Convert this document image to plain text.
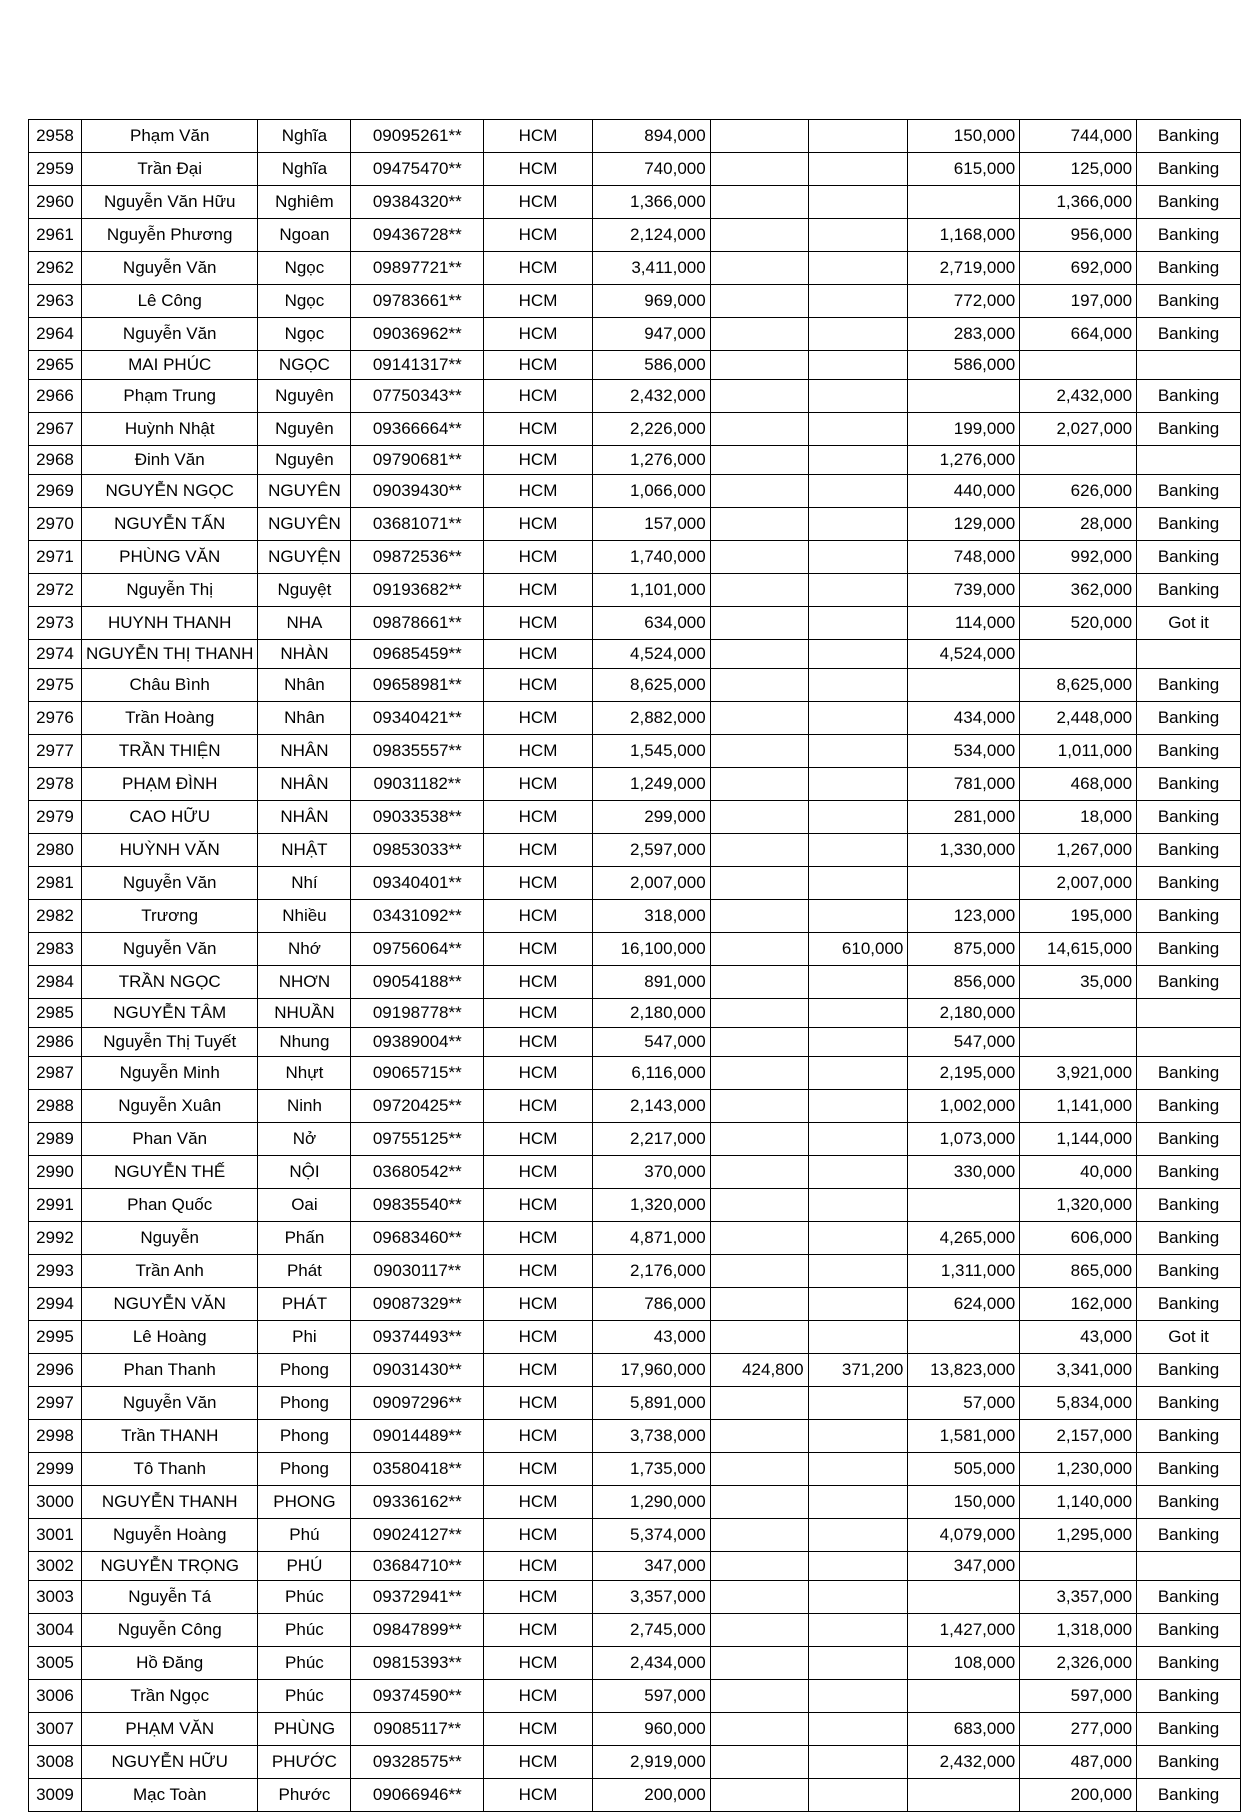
2958	Phạm Văn	Nghĩa	09095261**	HCM	894,000			150,000	744,000	Banking
2959	Trần Đại	Nghĩa	09475470**	HCM	740,000			615,000	125,000	Banking
2960	Nguyễn Văn Hữu	Nghiêm	09384320**	HCM	1,366,000				1,366,000	Banking
2961	Nguyễn Phương	Ngoan	09436728**	HCM	2,124,000			1,168,000	956,000	Banking
2962	Nguyễn Văn	Ngọc	09897721**	HCM	3,411,000			2,719,000	692,000	Banking
2963	Lê Công	Ngọc	09783661**	HCM	969,000			772,000	197,000	Banking
2964	Nguyễn Văn	Ngọc	09036962**	HCM	947,000			283,000	664,000	Banking
2965	MAI PHÚC	NGỌC	09141317**	HCM	586,000			586,000		
2966	Phạm Trung	Nguyên	07750343**	HCM	2,432,000				2,432,000	Banking
2967	Huỳnh Nhật	Nguyên	09366664**	HCM	2,226,000			199,000	2,027,000	Banking
2968	Đinh Văn	Nguyên	09790681**	HCM	1,276,000			1,276,000		
2969	NGUYỄN NGỌC	NGUYÊN	09039430**	HCM	1,066,000			440,000	626,000	Banking
2970	NGUYỄN TẤN	NGUYÊN	03681071**	HCM	157,000			129,000	28,000	Banking
2971	PHÙNG VĂN	NGUYỆN	09872536**	HCM	1,740,000			748,000	992,000	Banking
2972	Nguyễn Thị	Nguyệt	09193682**	HCM	1,101,000			739,000	362,000	Banking
2973	HUYNH THANH	NHA	09878661**	HCM	634,000			114,000	520,000	Got it
2974	NGUYỄN THỊ THANH	NHÀN	09685459**	HCM	4,524,000			4,524,000		
2975	Châu Bình	Nhân	09658981**	HCM	8,625,000				8,625,000	Banking
2976	Trần Hoàng	Nhân	09340421**	HCM	2,882,000			434,000	2,448,000	Banking
2977	TRẦN THIỆN	NHÂN	09835557**	HCM	1,545,000			534,000	1,011,000	Banking
2978	PHẠM ĐÌNH	NHÂN	09031182**	HCM	1,249,000			781,000	468,000	Banking
2979	CAO HỮU	NHÂN	09033538**	HCM	299,000			281,000	18,000	Banking
2980	HUỲNH VĂN	NHẬT	09853033**	HCM	2,597,000			1,330,000	1,267,000	Banking
2981	Nguyễn Văn	Nhí	09340401**	HCM	2,007,000				2,007,000	Banking
2982	Trương	Nhiều	03431092**	HCM	318,000			123,000	195,000	Banking
2983	Nguyễn Văn	Nhớ	09756064**	HCM	16,100,000		610,000	875,000	14,615,000	Banking
2984	TRẦN NGỌC	NHƠN	09054188**	HCM	891,000			856,000	35,000	Banking
2985	NGUYỄN TÂM	NHUẦN	09198778**	HCM	2,180,000			2,180,000		
2986	Nguyễn Thị Tuyết	Nhung	09389004**	HCM	547,000			547,000		
2987	Nguyễn Minh	Nhựt	09065715**	HCM	6,116,000			2,195,000	3,921,000	Banking
2988	Nguyễn Xuân	Ninh	09720425**	HCM	2,143,000			1,002,000	1,141,000	Banking
2989	Phan Văn	Nở	09755125**	HCM	2,217,000			1,073,000	1,144,000	Banking
2990	NGUYỄN THẾ	NỘI	03680542**	HCM	370,000			330,000	40,000	Banking
2991	Phan Quốc	Oai	09835540**	HCM	1,320,000				1,320,000	Banking
2992	Nguyễn	Phấn	09683460**	HCM	4,871,000			4,265,000	606,000	Banking
2993	Trần Anh	Phát	09030117**	HCM	2,176,000			1,311,000	865,000	Banking
2994	NGUYỄN VĂN	PHÁT	09087329**	HCM	786,000			624,000	162,000	Banking
2995	Lê Hoàng	Phi	09374493**	HCM	43,000				43,000	Got it
2996	Phan Thanh	Phong	09031430**	HCM	17,960,000	424,800	371,200	13,823,000	3,341,000	Banking
2997	Nguyễn Văn	Phong	09097296**	HCM	5,891,000			57,000	5,834,000	Banking
2998	Trần THANH	Phong	09014489**	HCM	3,738,000			1,581,000	2,157,000	Banking
2999	Tô Thanh	Phong	03580418**	HCM	1,735,000			505,000	1,230,000	Banking
3000	NGUYỄN THANH	PHONG	09336162**	HCM	1,290,000			150,000	1,140,000	Banking
3001	Nguyễn Hoàng	Phú	09024127**	HCM	5,374,000			4,079,000	1,295,000	Banking
3002	NGUYỄN TRỌNG	PHÚ	03684710**	HCM	347,000			347,000		
3003	Nguyễn Tá	Phúc	09372941**	HCM	3,357,000				3,357,000	Banking
3004	Nguyễn Công	Phúc	09847899**	HCM	2,745,000			1,427,000	1,318,000	Banking
3005	Hồ Đăng	Phúc	09815393**	HCM	2,434,000			108,000	2,326,000	Banking
3006	Trần Ngọc	Phúc	09374590**	HCM	597,000				597,000	Banking
3007	PHẠM VĂN	PHÙNG	09085117**	HCM	960,000			683,000	277,000	Banking
3008	NGUYỄN HỮU	PHƯỚC	09328575**	HCM	2,919,000			2,432,000	487,000	Banking
3009	Mạc Toàn	Phước	09066946**	HCM	200,000				200,000	Banking
